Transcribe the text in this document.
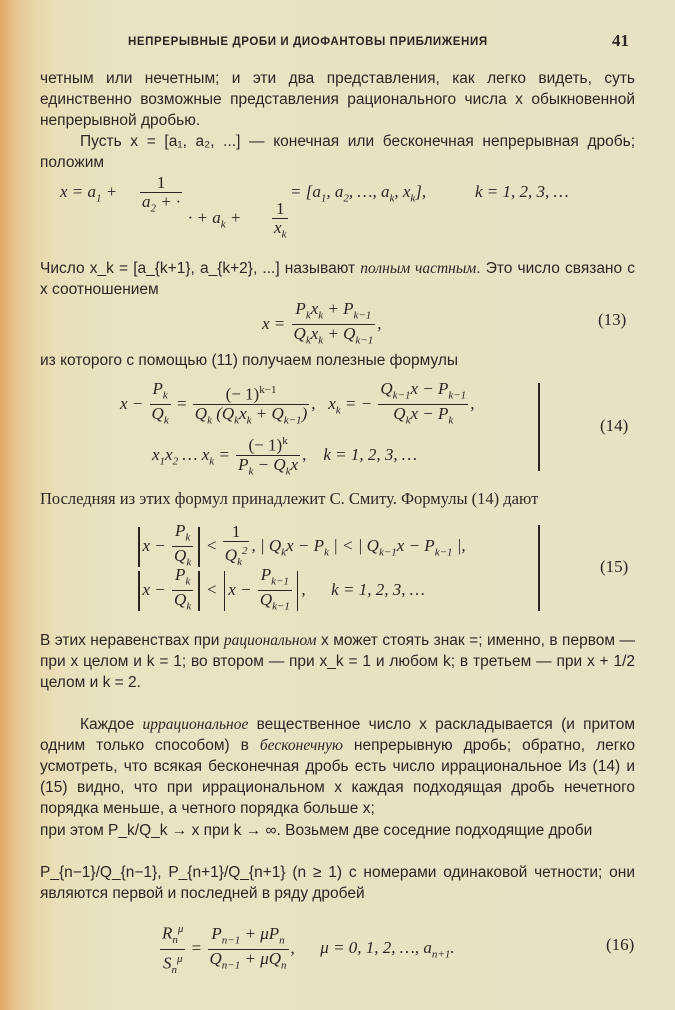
НЕПРЕРЫВНЫЕ ДРОБИ И ДИОФАНТОВЫ ПРИБЛИЖЕНИЯ	41
четным или нечетным; и эти два представления, как легко видеть, суть единственно возможные представления рационального числа x обыкновенной непрерывной дробью.
Пусть x = [a₁, a₂, ...] — конечная или бесконечная непрерывная дробь; положим
$x = a_1 + \frac{1}{a_2 + \cdot}$
· + $a_k + \frac{1}{x_k}$
= [$a_1$, $a_2$, …, $a_k$, $x_k$],	k = 1, 2, 3, …
Число x_k = [a_{k+1}, a_{k+2}, ...] называют полным частным. Это число связано с x соотношением
$x = \frac{P_kx_k + P_{k-1}}{Q_kx_k + Q_{k-1}}$ ,	(13)
из которого с помощью (11) получаем полезные формулы
$x - \frac{P_k}{Q_k} = \frac{(- 1)^{k-1}}{Q_k (Q_kx_k + Q_{k-1})}$ ,   $x_k$ = − $\frac{Q_{k-1}x - P_{k-1}}{Q_kx - P_k}$ ,
$x_1x_2$ … $x_k = \frac{(- 1)^k}{P_k - Q_kx}$ ,    k = 1, 2, 3, …
(14)
Последняя из этих формул принадлежит С. Смиту. Формулы (14) дают
$x - \frac{P_k}{Q_k} < \frac{1}{Q_k^2}$ , | $Q_kx - P_k$ | < | $Q_{k-1}x - P_{k-1}$ |,
$x - \frac{P_k}{Q_k} < x - \frac{P_{k-1}}{Q_{k-1}}$ ,      k = 1, 2, 3, …
(15)
В этих неравенствах при рациональном x может стоять знак =; именно, в первом — при x целом и k = 1; во втором — при x_k = 1 и любом k; в третьем — при x + 1/2 целом и k = 2.
Каждое иррациональное вещественное число x раскладывается (и притом одним только способом) в бесконечную непрерывную дробь; обратно, легко усмотреть, что всякая бесконечная дробь есть число иррациональное Из (14) и (15) видно, что при иррациональном x каждая подходящая дробь нечетного порядка меньше, а четного порядка больше x;
при этом P_k/Q_k → x при k → ∞. Возьмем две соседние подходящие дроби
P_{n−1}/Q_{n−1}, P_{n+1}/Q_{n+1} (n ≥ 1) с номерами одинаковой четности; они являются первой и последней в ряду дробей
$\frac{R_n^\mu}{S_n^\mu} = \frac{P_{n-1} + \mu P_n}{Q_{n-1} + \mu Q_n}$ ,      μ = 0, 1, 2, …, $a_{n+1}$.	(16)
